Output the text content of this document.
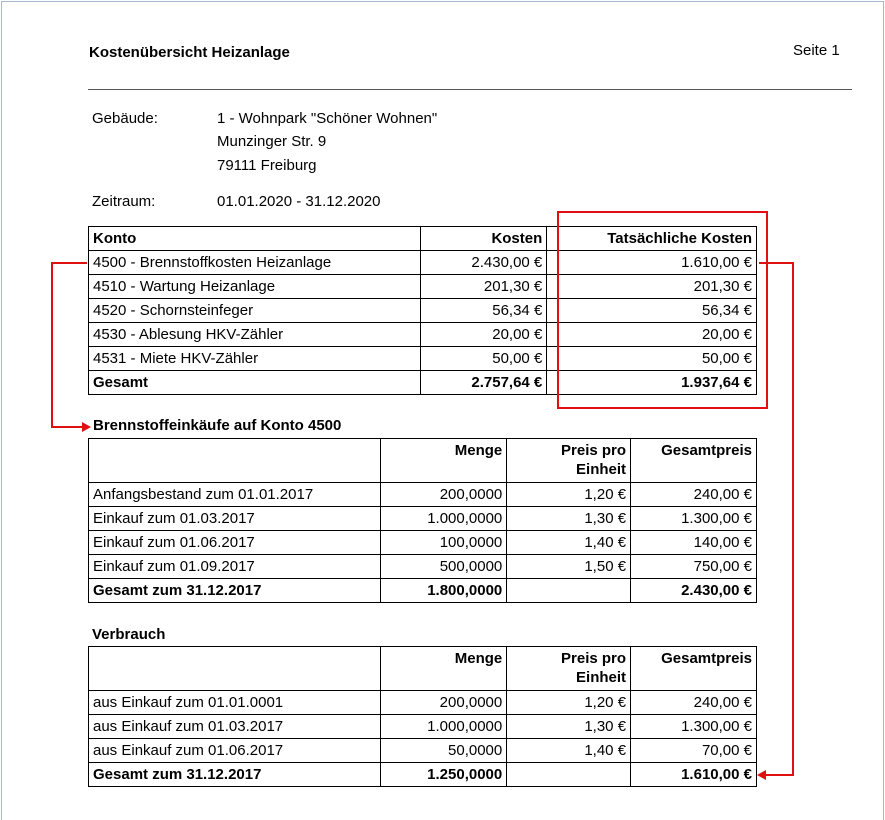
Kostenübersicht Heizanlage	Seite 1
Gebäude:	1 - Wohnpark "Schöner Wohnen"
Munzinger Str. 9
79111 Freiburg
Zeitraum:	01.01.2020 - 31.12.2020
Konto	Kosten	Tatsächliche Kosten
4500 - Brennstoffkosten Heizanlage	2.430,00 €	1.610,00 €
4510 - Wartung Heizanlage	201,30 €	201,30 €
4520 - Schornsteinfeger	56,34 €	56,34 €
4530 - Ablesung HKV-Zähler	20,00 €	20,00 €
4531 - Miete HKV-Zähler	50,00 €	50,00 €
Gesamt	2.757,64 €	1.937,64 €
Brennstoffeinkäufe auf Konto 4500
	Menge	Preis pro Einheit	Gesamtpreis
Anfangsbestand zum 01.01.2017	200,0000	1,20 €	240,00 €
Einkauf zum 01.03.2017	1.000,0000	1,30 €	1.300,00 €
Einkauf zum 01.06.2017	100,0000	1,40 €	140,00 €
Einkauf zum 01.09.2017	500,0000	1,50 €	750,00 €
Gesamt zum 31.12.2017	1.800,0000		2.430,00 €
Verbrauch
	Menge	Preis pro Einheit	Gesamtpreis
aus Einkauf zum 01.01.0001	200,0000	1,20 €	240,00 €
aus Einkauf zum 01.03.2017	1.000,0000	1,30 €	1.300,00 €
aus Einkauf zum 01.06.2017	50,0000	1,40 €	70,00 €
Gesamt zum 31.12.2017	1.250,0000		1.610,00 €
